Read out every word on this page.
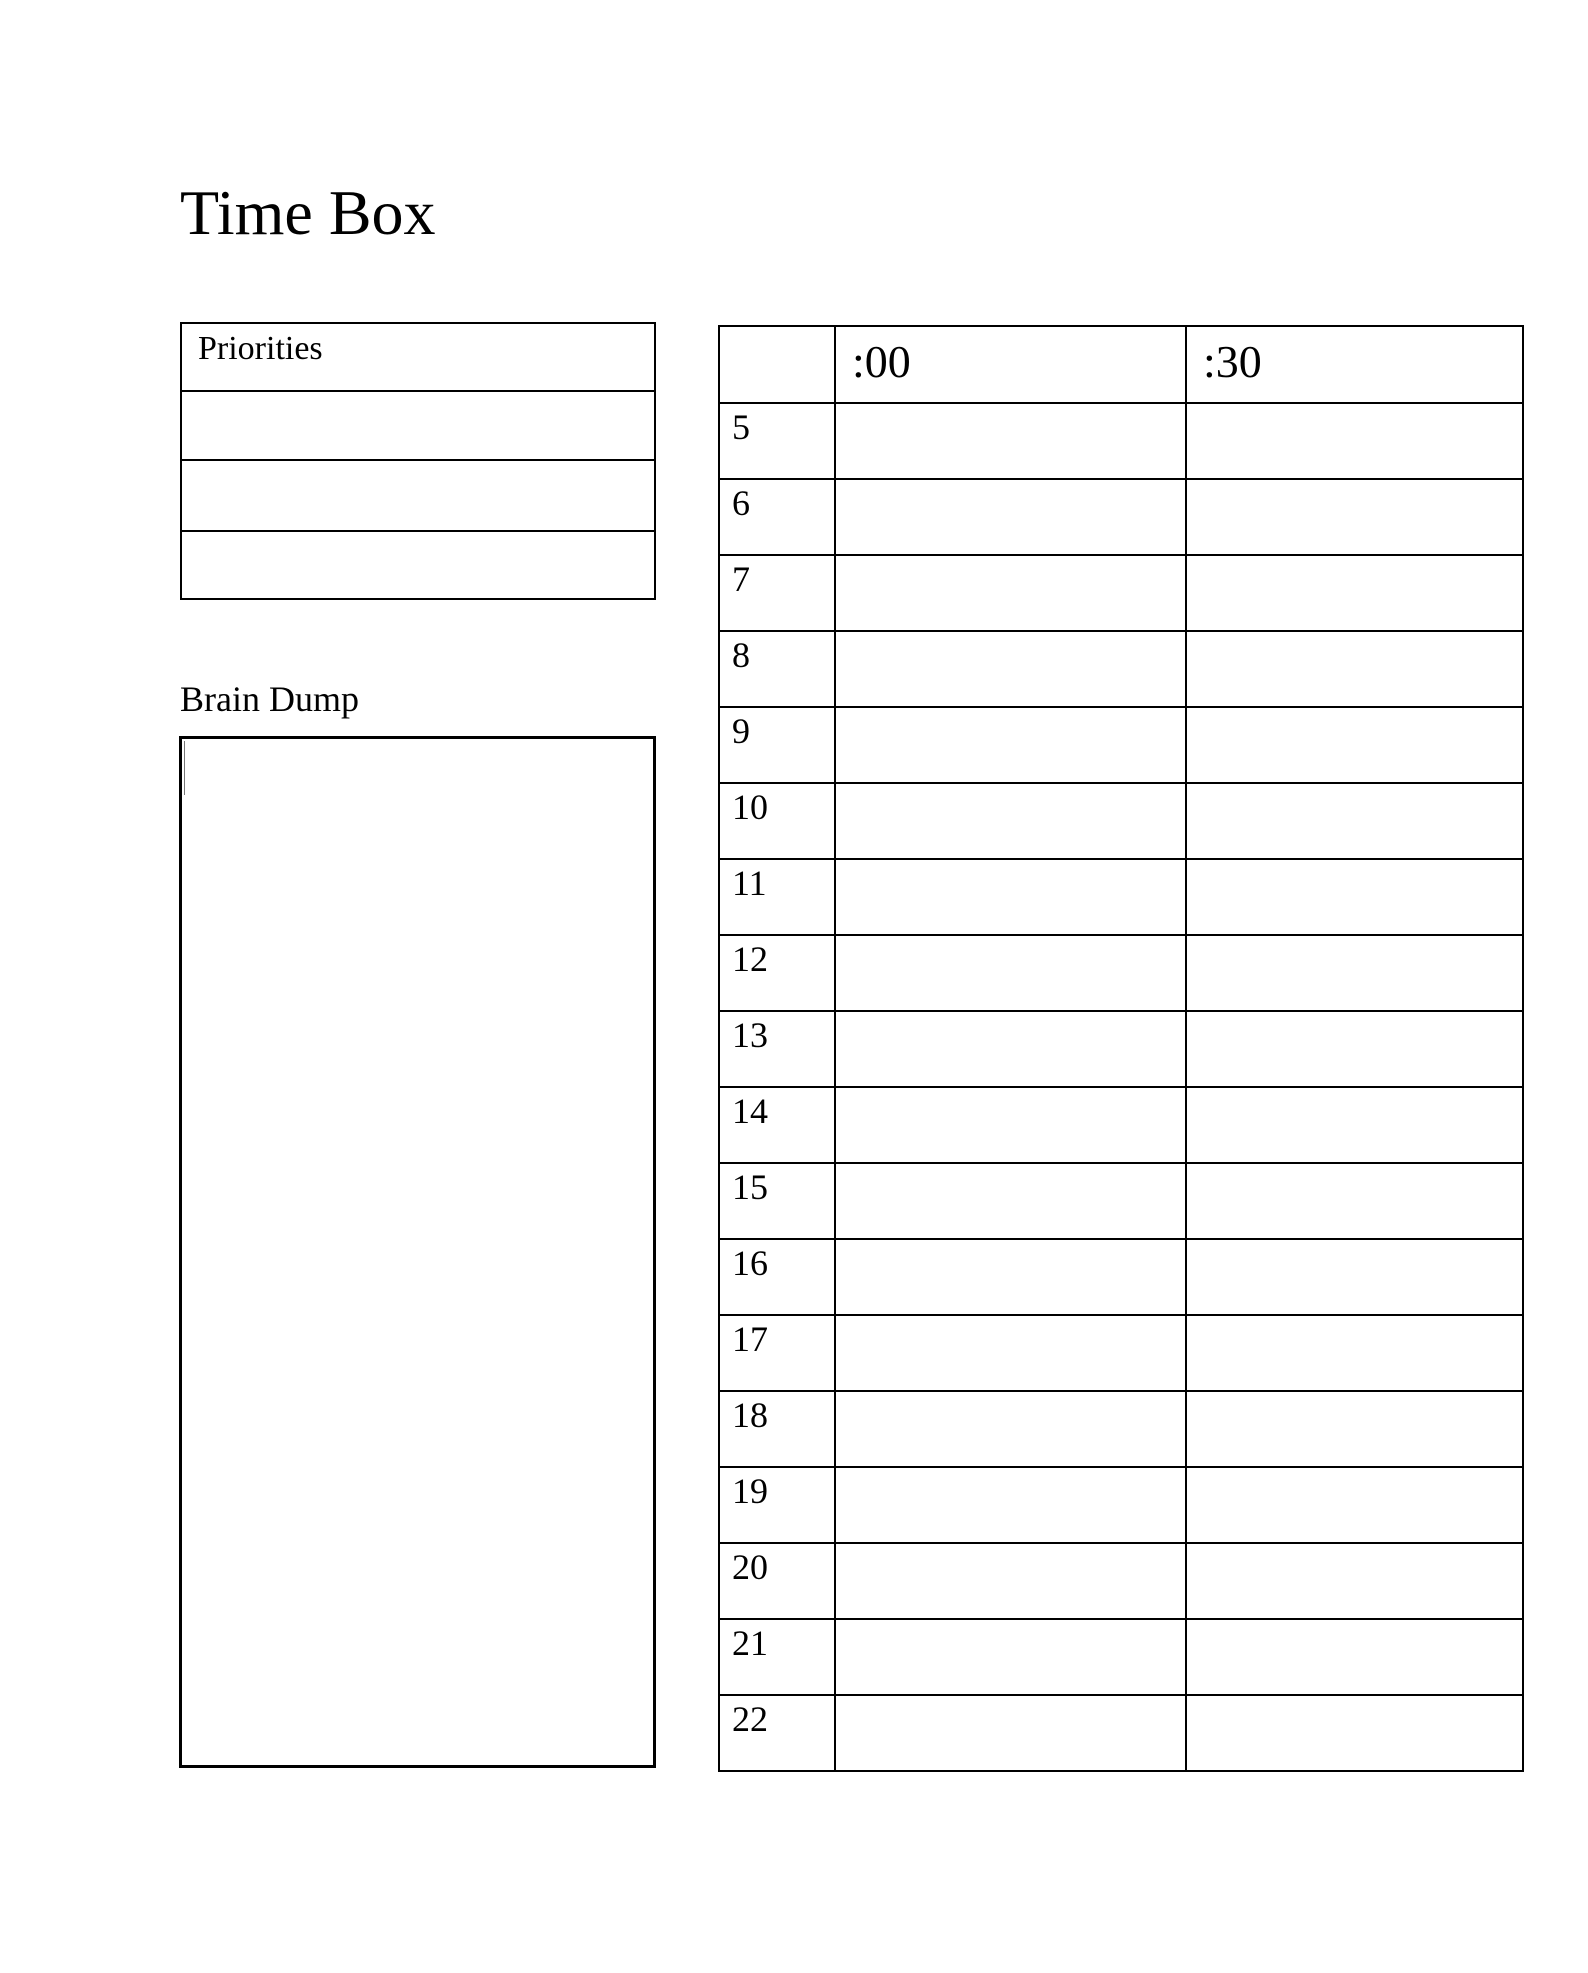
Time Box
Priorities
Brain Dump

	:00	:30

5		

6		

7		

8		

9		

10		

11		

12		

13		

14		

15		

16		

17		

18		

19		

20		

21		

22		
